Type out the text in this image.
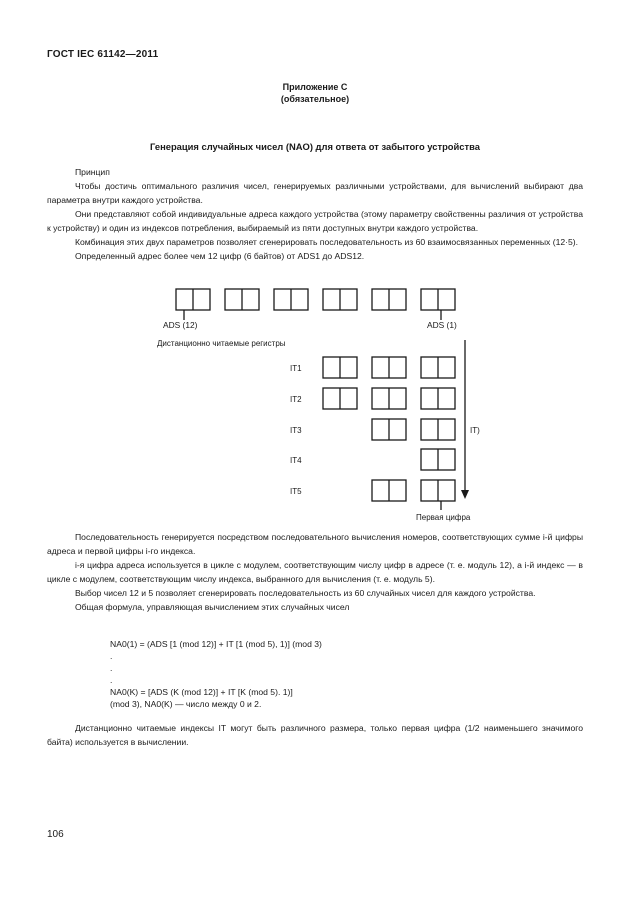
ГОСТ IEC 61142—2011
Приложение С
(обязательное)
Генерация случайных чисел (NAO) для ответа от забытого устройства

Принцип

Чтобы достичь оптимального различия чисел, генерируемых различными устройствами, для вычислений выбирают два параметра внутри каждого устройства.

Они представляют собой индивидуальные адреса каждого устройства (этому параметру свойственны различия от устройства к устройству) и один из индексов потребления, выбираемый из пяти доступных внутри каждого устройства.

Комбинация этих двух параметров позволяет сгенерировать последовательность из 60 взаимосвязанных переменных (12·5).

Определенный адрес более чем 12 цифр (6 байтов) от ADS1 до ADS12.

ADS (12)	ADS (1)
Дистанционно читаемые регистры
IT1
IT2
IT3
IT4
IT5
IT)
Первая цифра

Последовательность генерируется посредством последовательного вычисления номеров, соответствующих сумме i-й цифры адреса и первой цифры i-го индекса.

i-я цифра адреса используется в цикле с модулем, соответствующим числу цифр в адресе (т. е. модуль 12), а i-й индекс — в цикле с модулем, соответствующим числу индекса, выбранного для вычисления (т. е. модуль 5).

Выбор чисел 12 и 5 позволяет сгенерировать последовательность из 60 случайных чисел для каждого устройства.

Общая формула, управляющая вычислением этих случайных чисел

NA0(1) = (ADS [1 (mod 12)] + IT [1 (mod 5), 1)] (mod 3)
.
.
.
NA0(K) = [ADS (K (mod 12)] + IT [K (mod 5). 1)]
(mod 3), NA0(K) — число между 0 и 2.

Дистанционно читаемые индексы IT могут быть различного размера, только первая цифра (1/2 наименьшего значимого байта) используется в вычислении.

106
